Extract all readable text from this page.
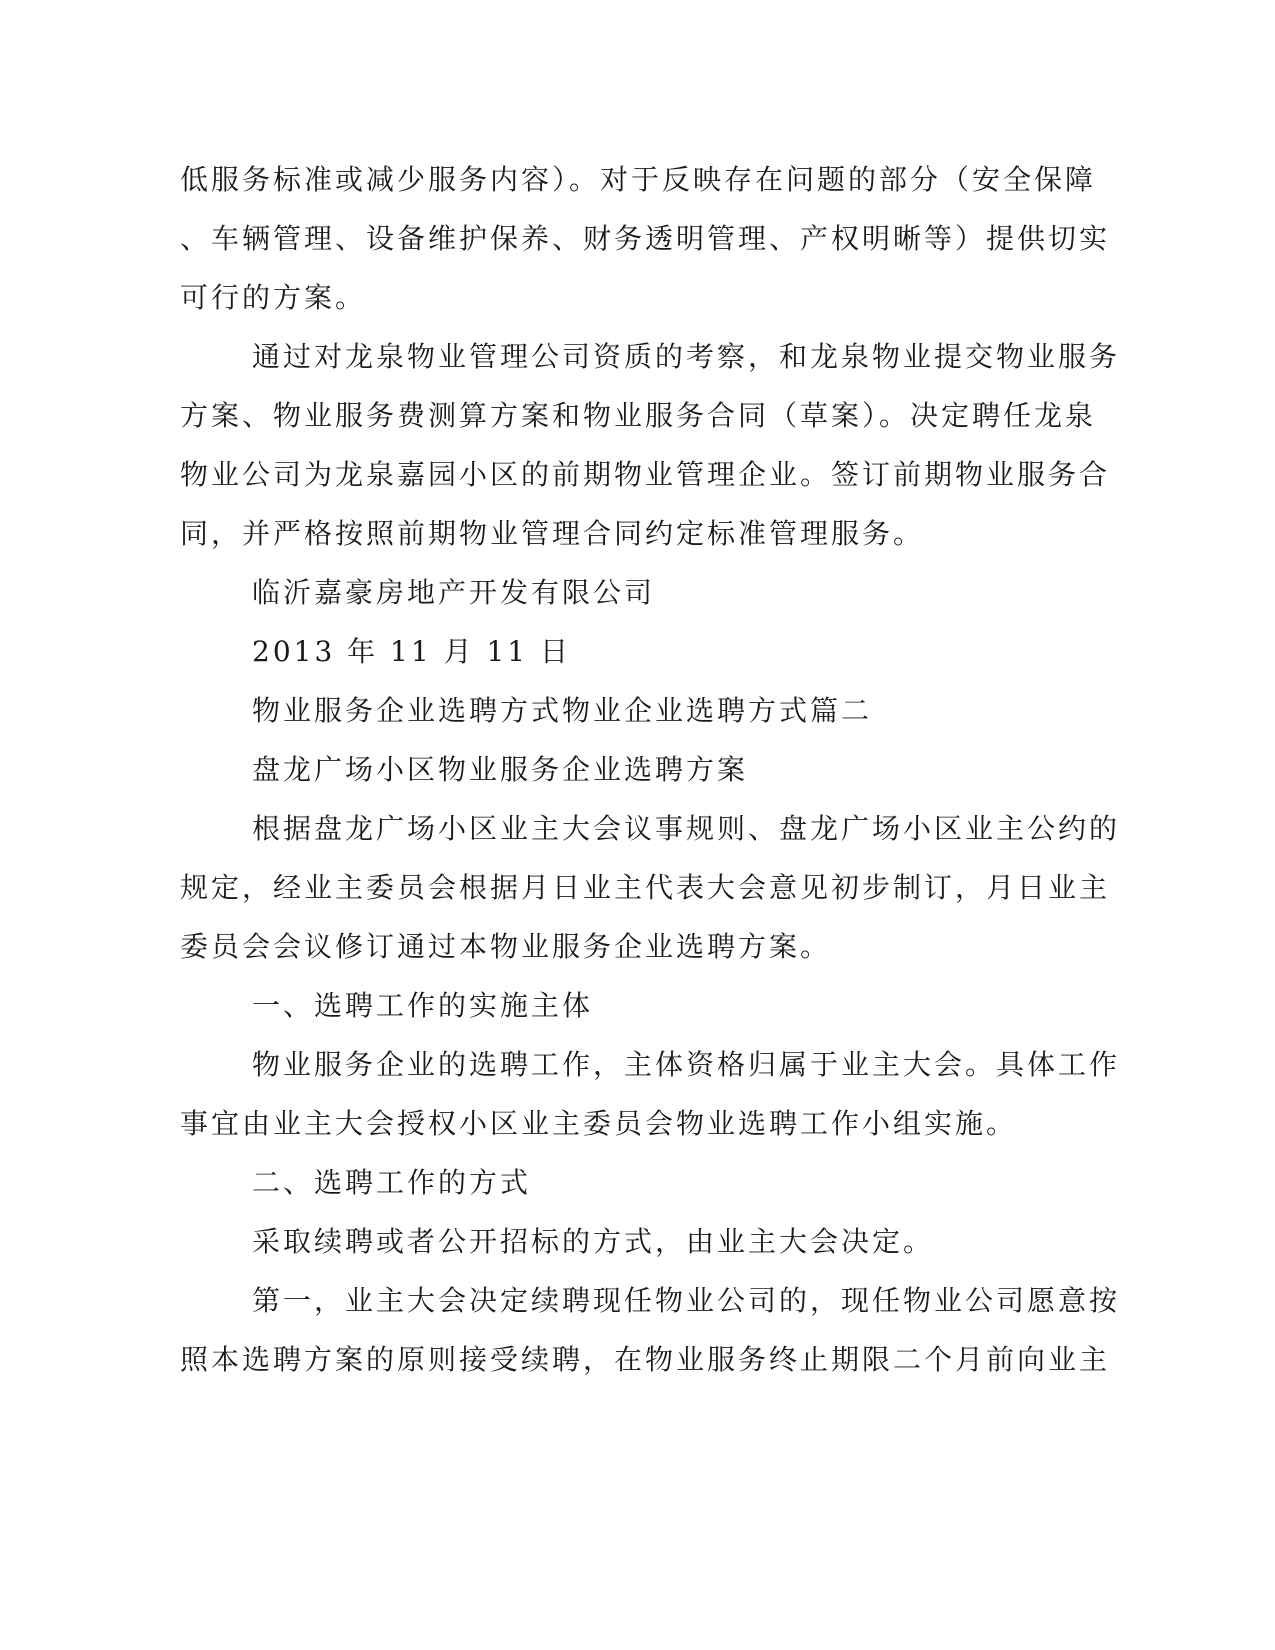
低服务标准或减少服务内容）。对于反映存在问题的部分（安全保障
、车辆管理、设备维护保养、财务透明管理、产权明晰等）提供切实
可行的方案。
通过对龙泉物业管理公司资质的考察，和龙泉物业提交物业服务
方案、物业服务费测算方案和物业服务合同（草案）。决定聘任龙泉
物业公司为龙泉嘉园小区的前期物业管理企业。签订前期物业服务合
同，并严格按照前期物业管理合同约定标准管理服务。
临沂嘉豪房地产开发有限公司
2013 年 11 月 11 日
物业服务企业选聘方式物业企业选聘方式篇二
盘龙广场小区物业服务企业选聘方案
根据盘龙广场小区业主大会议事规则、盘龙广场小区业主公约的
规定，经业主委员会根据月日业主代表大会意见初步制订，月日业主
委员会会议修订通过本物业服务企业选聘方案。
一、选聘工作的实施主体
物业服务企业的选聘工作，主体资格归属于业主大会。具体工作
事宜由业主大会授权小区业主委员会物业选聘工作小组实施。
二、选聘工作的方式
采取续聘或者公开招标的方式，由业主大会决定。
第一，业主大会决定续聘现任物业公司的，现任物业公司愿意按
照本选聘方案的原则接受续聘，在物业服务终止期限二个月前向业主
